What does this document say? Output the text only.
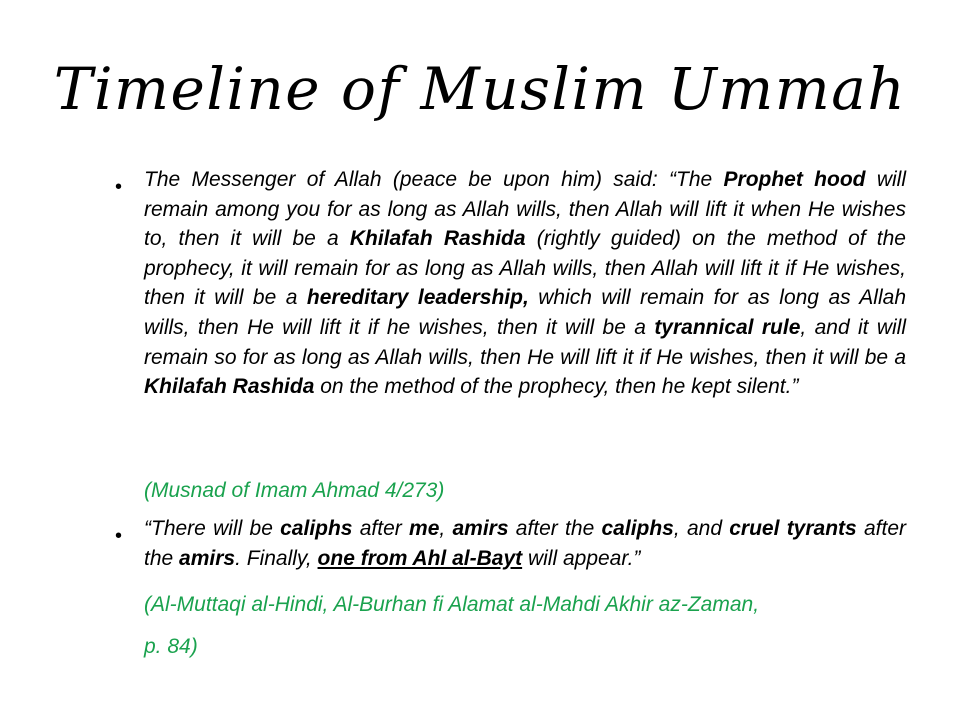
Timeline of Muslim Ummah
• The Messenger of Allah (peace be upon him) said: “The Prophet hood will remain among you for as long as Allah wills, then Allah will lift it when He wishes to, then it will be a Khilafah Rashida (rightly guided) on the method of the prophecy, it will remain for as long as Allah wills, then Allah will lift it if He wishes, then it will be a hereditary leadership, which will remain for as long as Allah wills, then He will lift it if he wishes, then it will be a tyrannical rule, and it will remain so for as long as Allah wills, then He will lift it if He wishes, then it will be a Khilafah Rashida on the method of the prophecy, then he kept silent.”

(Musnad of Imam Ahmad 4/273)

• “There will be caliphs after me, amirs after the caliphs, and cruel tyrants after the amirs. Finally, one from Ahl al-Bayt will appear.”

(Al-Muttaqi al-Hindi, Al-Burhan fi Alamat al-Mahdi Akhir az-Zaman,

p. 84)
